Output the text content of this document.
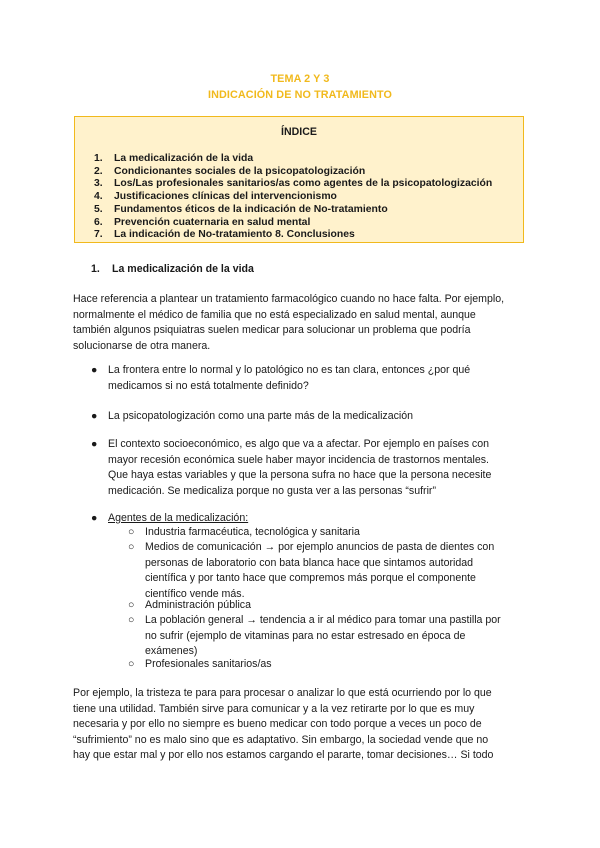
TEMA 2 Y 3
INDICACIÓN DE NO TRATAMIENTO
ÍNDICE
1. La medicalización de la vida
2. Condicionantes sociales de la psicopatologización
3. Los/Las profesionales sanitarios/as como agentes de la psicopatologización
4. Justificaciones clínicas del intervencionismo
5. Fundamentos éticos de la indicación de No-tratamiento
6. Prevención cuaternaria en salud mental
7. La indicación de No-tratamiento 8. Conclusiones
1. La medicalización de la vida

Hace referencia a plantear un tratamiento farmacológico cuando no hace falta. Por ejemplo,
normalmente el médico de familia que no está especializado en salud mental, aunque
también algunos psiquiatras suelen medicar para solucionar un problema que podría
solucionarse de otra manera.

● La frontera entre lo normal y lo patológico no es tan clara, entonces ¿por qué
medicamos si no está totalmente definido?
● La psicopatologización como una parte más de la medicalización
● El contexto socioeconómico, es algo que va a afectar. Por ejemplo en países con
mayor recesión económica suele haber mayor incidencia de trastornos mentales.
Que haya estas variables y que la persona sufra no hace que la persona necesite
medicación. Se medicaliza porque no gusta ver a las personas “sufrir”
● Agentes de la medicalización:
○ Industria farmacéutica, tecnológica y sanitaria
○ Medios de comunicación → por ejemplo anuncios de pasta de dientes con
personas de laboratorio con bata blanca hace que sintamos autoridad
científica y por tanto hace que compremos más porque el componente
científico vende más.
○ Administración pública
○ La población general → tendencia a ir al médico para tomar una pastilla por
no sufrir (ejemplo de vitaminas para no estar estresado en época de
exámenes)
○ Profesionales sanitarios/as

Por ejemplo, la tristeza te para para procesar o analizar lo que está ocurriendo por lo que
tiene una utilidad. También sirve para comunicar y a la vez retirarte por lo que es muy
necesaria y por ello no siempre es bueno medicar con todo porque a veces un poco de
“sufrimiento” no es malo sino que es adaptativo. Sin embargo, la sociedad vende que no
hay que estar mal y por ello nos estamos cargando el pararte, tomar decisiones… Si todo
